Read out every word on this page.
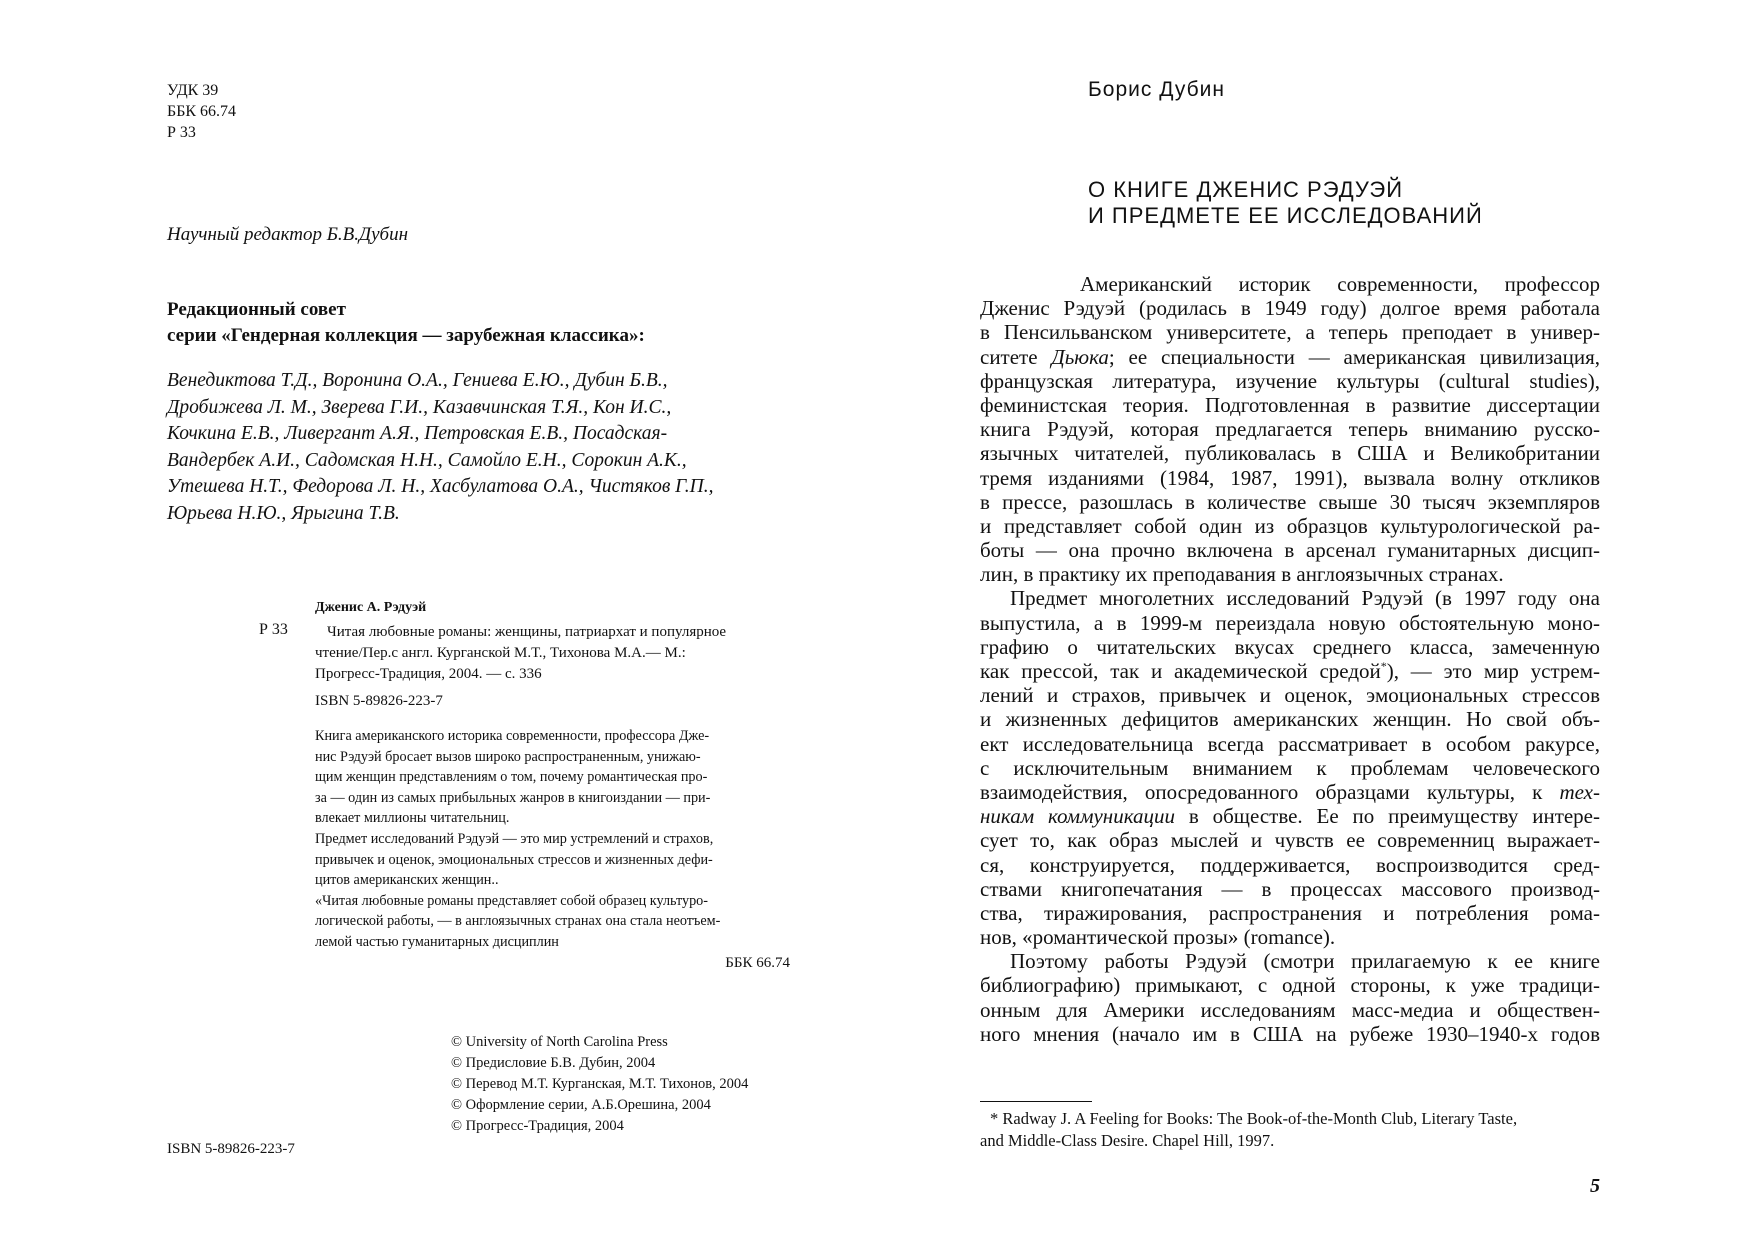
УДК 39
ББК 66.74
Р 33
Научный редактор Б.В.Дубин
Редакционный совет
серии «Гендерная коллекция — зарубежная классика»:
Венедиктова Т.Д., Воронина О.А., Гениева Е.Ю., Дубин Б.В.,
Дробижева Л. М., Зверева Г.И., Казавчинская Т.Я., Кон И.С.,
Кочкина Е.В., Ливергант А.Я., Петровская Е.В., Посадская-
Вандербек А.И., Садомская Н.Н., Самойло Е.Н., Сорокин А.К.,
Утешева Н.Т., Федорова Л. Н., Хасбулатова О.А., Чистяков Г.П.,
Юрьева Н.Ю., Ярыгина Т.В.
Дженис А. Рэдуэй
Р 33	Читая любовные романы: женщины, патриархат и популярное
чтение/Пер.с англ. Курганской М.Т., Тихонова М.А.— М.:
Прогресс-Традиция, 2004. — с. 336
ISBN 5-89826-223-7
Книга американского историка современности, профессора Дже-
нис Рэдуэй бросает вызов широко распространенным, унижаю-
щим женщин представлениям о том, почему романтическая про-
за — один из самых прибыльных жанров в книгоиздании — при-
влекает миллионы читательниц.
Предмет исследований Рэдуэй — это мир устремлений и страхов,
привычек и оценок, эмоциональных стрессов и жизненных дефи-
цитов американских женщин..
«Читая любовные романы представляет собой образец культуро-
логической работы, — в англоязычных странах она стала неотъем-
лемой частью гуманитарных дисциплин
ББК 66.74
© University of North Carolina Press
© Предисловие Б.В. Дубин, 2004
© Перевод М.Т. Курганская, М.Т. Тихонов, 2004
© Оформление серии, А.Б.Орешина, 2004
© Прогресс-Традиция, 2004
ISBN 5-89826-223-7
Борис Дубин
О КНИГЕ ДЖЕНИС РЭДУЭЙ
И ПРЕДМЕТЕ ЕЕ ИССЛЕДОВАНИЙ
Американский историк современности, профессор
Дженис Рэдуэй (родилась в 1949 году) долгое время работала
в Пенсильванском университете, а теперь преподает в универ-
ситете Дьюка; ее специальности — американская цивилизация,
французская литература, изучение культуры (cultural studies),
феминистская теория. Подготовленная в развитие диссертации
книга Рэдуэй, которая предлагается теперь вниманию русско-
язычных читателей, публиковалась в США и Великобритании
тремя изданиями (1984, 1987, 1991), вызвала волну откликов
в прессе, разошлась в количестве свыше 30 тысяч экземпляров
и представляет собой один из образцов культурологической ра-
боты — она прочно включена в арсенал гуманитарных дисцип-
лин, в практику их преподавания в англоязычных странах.
Предмет многолетних исследований Рэдуэй (в 1997 году она
выпустила, а в 1999-м переиздала новую обстоятельную моно-
графию о читательских вкусах среднего класса, замеченную
как прессой, так и академической средой*), — это мир устрем-
лений и страхов, привычек и оценок, эмоциональных стрессов
и жизненных дефицитов американских женщин. Но свой объ-
ект исследовательница всегда рассматривает в особом ракурсе,
с исключительным вниманием к проблемам человеческого
взаимодействия, опосредованного образцами культуры, к тех-
никам коммуникации в обществе. Ее по преимуществу интере-
сует то, как образ мыслей и чувств ее современниц выражает-
ся, конструируется, поддерживается, воспроизводится сред-
ствами книгопечатания — в процессах массового производ-
ства, тиражирования, распространения и потребления рома-
нов, «романтической прозы» (romance).
Поэтому работы Рэдуэй (смотри прилагаемую к ее книге
библиографию) примыкают, с одной стороны, к уже традици-
онным для Америки исследованиям масс-медиа и обществен-
ного мнения (начало им в США на рубеже 1930–1940-х годов
* Radway J. A Feeling for Books: The Book-of-the-Month Club, Literary Taste,
and Middle-Class Desire. Chapel Hill, 1997.
5
